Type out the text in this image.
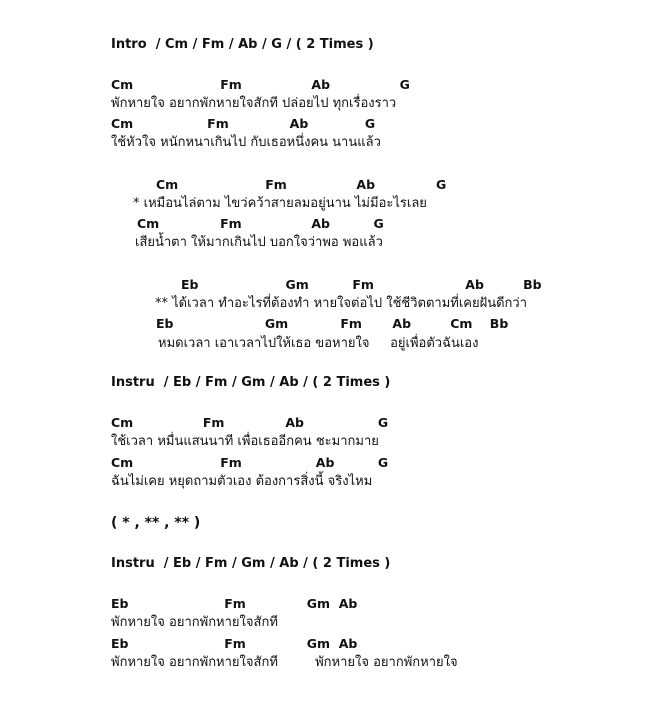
Intro  / Cm / Fm / Ab / G / ( 2 Times )
Cm                    Fm                Ab                G
พักหายใจ อยากพักหายใจสักที ปล่อยไป ทุกเรื่องราว
Cm                 Fm              Ab             G
ใช้หัวใจ หนักหนาเกินไป กับเธอหนึ่งคน นานแล้ว
Cm                    Fm                Ab              G
* เหมือนไล่ตาม ไขว่คว้าสายลมอยู่นาน ไม่มีอะไรเลย
Cm              Fm                Ab          G
เสียน้ำตา ให้มากเกินไป บอกใจว่าพอ พอแล้ว
Eb                    Gm          Fm                     Ab         Bb
** ได้เวลา ทำอะไรที่ต้องทำ หายใจต่อไป ใช้ชีวิตตามที่เคยฝันดีกว่า
Eb                     Gm            Fm       Ab         Cm    Bb
หมดเวลา เอาเวลาไปให้เธอ ขอหายใจ     อยู่เพื่อตัวฉันเอง
Instru  / Eb / Fm / Gm / Ab / ( 2 Times )
Cm                Fm              Ab                 G
ใช้เวลา หมื่นแสนนาที เพื่อเธออีกคน ชะมากมาย
Cm                    Fm                 Ab          G
ฉันไม่เคย หยุดถามตัวเอง ต้องการสิ่งนี้ จริงไหม
( * , ** , ** )
Instru  / Eb / Fm / Gm / Ab / ( 2 Times )
Eb                      Fm              Gm  Ab
พักหายใจ อยากพักหายใจสักที
Eb                      Fm              Gm  Ab
พักหายใจ อยากพักหายใจสักที         พักหายใจ อยากพักหายใจ
